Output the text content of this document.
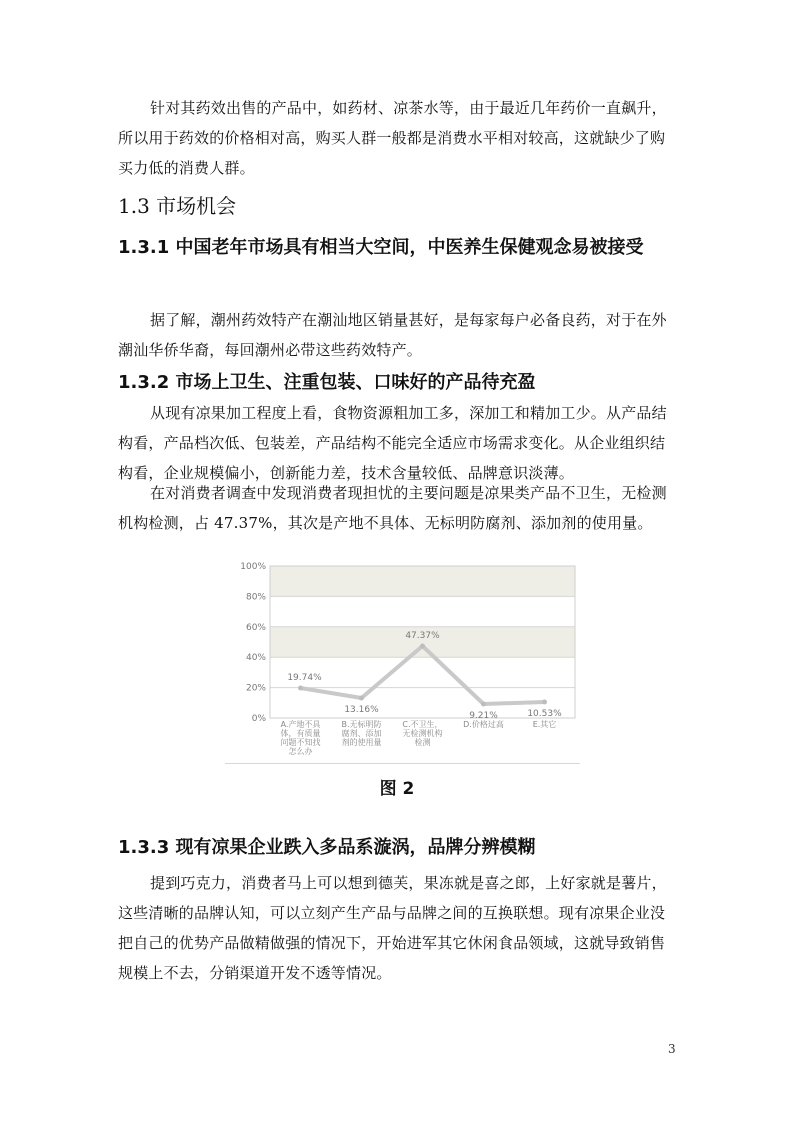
针对其药效出售的产品中，如药材、凉茶水等，由于最近几年药价一直飙升，所以用于药效的价格相对高，购买人群一般都是消费水平相对较高，这就缺少了购买力低的消费人群。

1.3 市场机会
1.3.1 中国老年市场具有相当大空间，中医养生保健观念易被接受

据了解，潮州药效特产在潮汕地区销量甚好，是每家每户必备良药，对于在外潮汕华侨华裔，每回潮州必带这些药效特产。

1.3.2 市场上卫生、注重包装、口味好的产品待充盈

从现有凉果加工程度上看，食物资源粗加工多，深加工和精加工少。从产品结构看，产品档次低、包装差，产品结构不能完全适应市场需求变化。从企业组织结构看，企业规模偏小，创新能力差，技术含量较低、品牌意识淡薄。

在对消费者调查中发现消费者现担忧的主要问题是凉果类产品不卫生，无检测机构检测，占 47.37%，其次是产地不具体、无标明防腐剂、添加剂的使用量。

0%
20%
40%
60%
80%
100%
19.74%
13.16%
47.37%
9.21%	10.53%
A.产地不具
体，有质量
问题不知找
怎么办
B.无标明防
腐剂、添加
剂的使用量
C.不卫生，
无检测机构
检测
D.价格过高	E.其它
图 2
1.3.3 现有凉果企业跌入多品系漩涡，品牌分辨模糊

提到巧克力，消费者马上可以想到德芙，果冻就是喜之郎，上好家就是薯片，这些清晰的品牌认知，可以立刻产生产品与品牌之间的互换联想。现有凉果企业没把自己的优势产品做精做强的情况下，开始进军其它休闲食品领域，这就导致销售规模上不去，分销渠道开发不透等情况。

3
